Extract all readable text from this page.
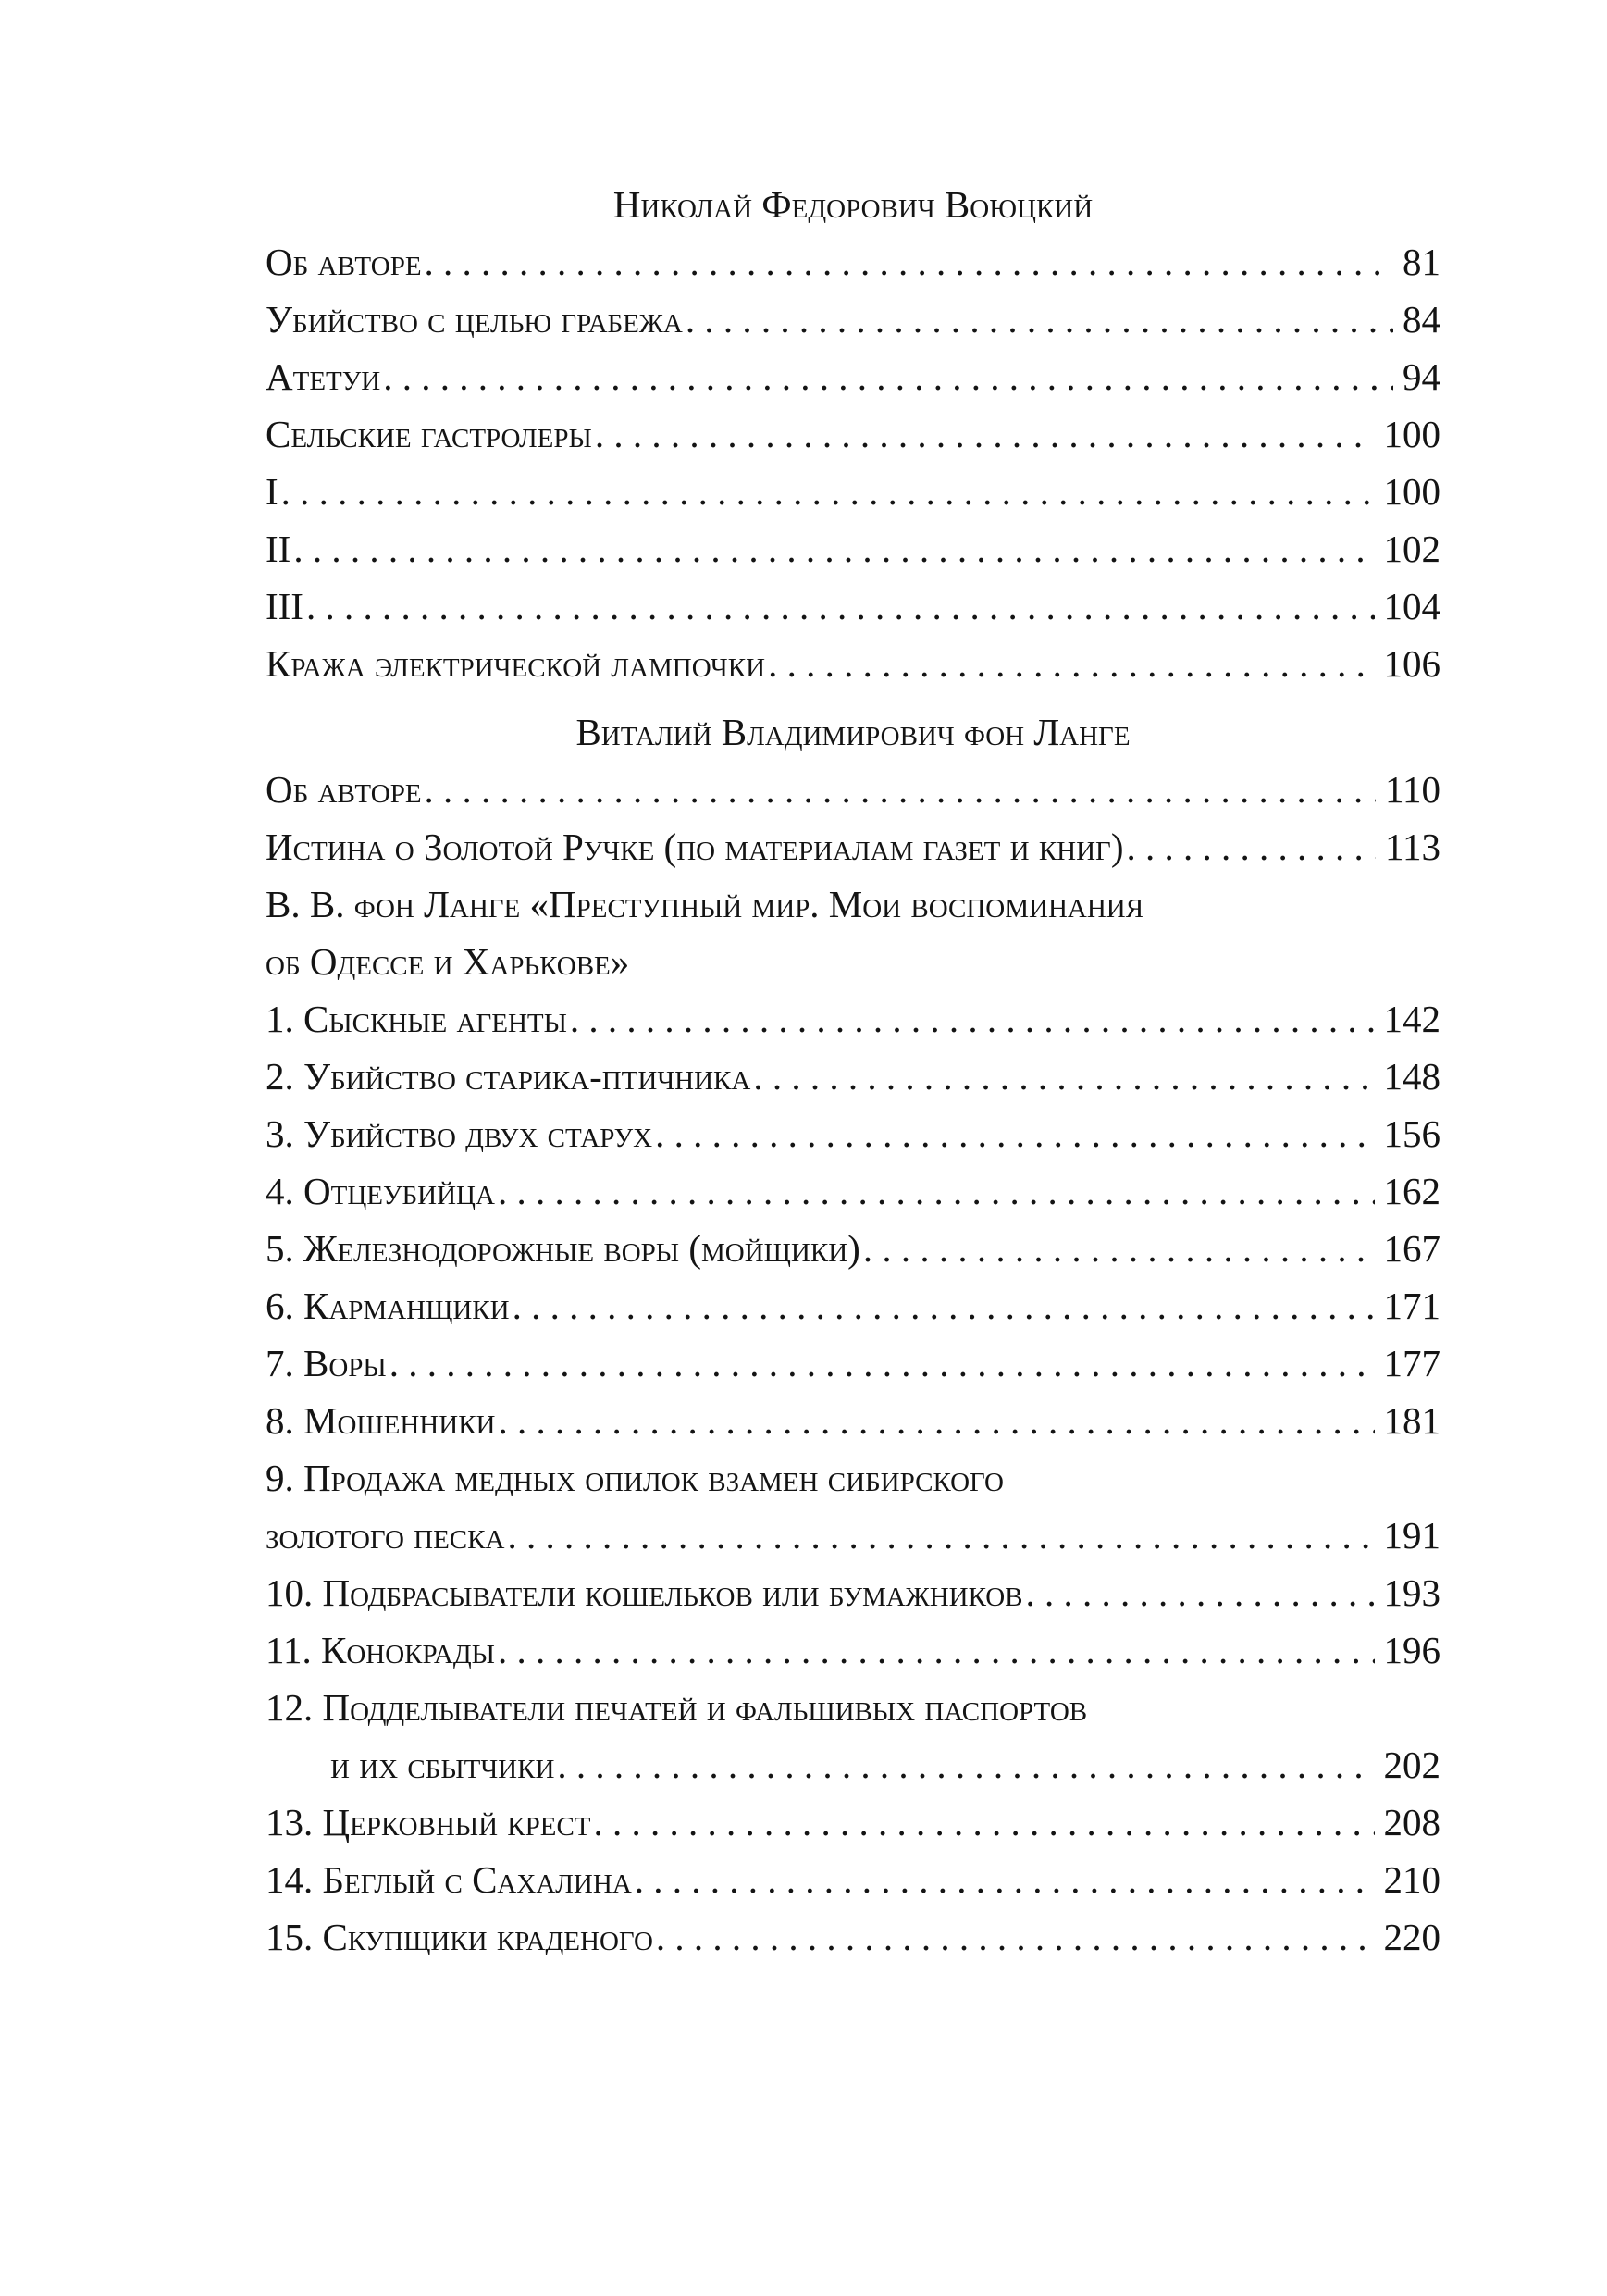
Николай Федорович Воюцкий
Об авторе . . .	81
Убийство с целью грабежа . . .	84
Атетуи . . .	94
Сельские гастролеры . . .	100
I . . .	100
II . . .	102
III . . .	104
Кража электрической лампочки . . .	106
Виталий Владимирович фон Ланге
Об авторе . . .	110
Истина о Золотой Ручке (по материалам газет и книг) . . .	113
В. В. фон Ланге «Преступный мир. Мои воспоминания
об Одессе и Харькове»
1. Сыскные агенты . . .	142
2. Убийство старика-птичника . . .	148
3. Убийство двух старух . . .	156
4. Отцеубийца . . .	162
5. Железнодорожные воры (мойщики) . . .	167
6. Карманщики . . .	171
7. Воры . . .	177
8. Мошенники . . .	181
9. Продажа медных опилок взамен сибирского
золотого песка . . .	191
10. Подбрасыватели кошельков или бумажников . . .	193
11. Конокрады . . .	196
12. Подделыватели печатей и фальшивых паспортов
и их сбытчики . . .	202
13. Церковный крест . . .	208
14. Беглый с Сахалина . . .	210
15. Скупщики краденого . . .	220
